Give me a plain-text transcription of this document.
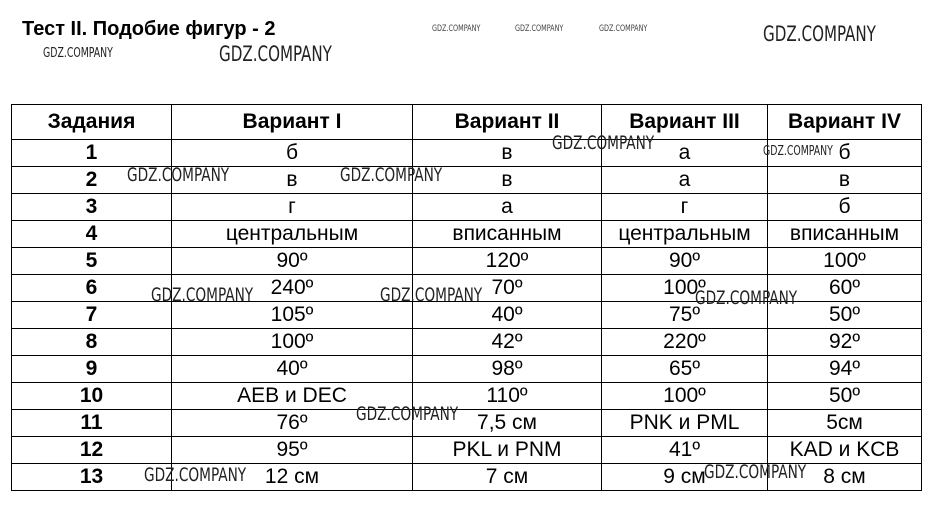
Тест II. Подобие фигур - 2
Задания	Вариант I	Вариант II	Вариант III	Вариант IV
1	б	в	а	б
2	в	в	а	в
3	г	а	г	б
4	центральным	вписанным	центральным	вписанным
5	90º	120º	90º	100º
6	240º	70º	100º	60º
7	105º	40º	75º	50º
8	100º	42º	220º	92º
9	40º	98º	65º	94º
10	AEB и DEC	110º	100º	50º
11	76º	7,5 см	PNK и PML	5см
12	95º	PKL и PNM	41º	KAD и KCB
13	12 см	7 см	9 см	8 см
GDZ.COMPANY	GDZ.COMPANY	GDZ.COMPANY	GDZ.COMPANY
GDZ.COMPANY	GDZ.COMPANY
GDZ.COMPANY	GDZ.COMPANY
GDZ.COMPANY	GDZ.COMPANY
GDZ.COMPANY	GDZ.COMPANY	GDZ.COMPANY
GDZ.COMPANY
GDZ.COMPANY	GDZ.COMPANY
